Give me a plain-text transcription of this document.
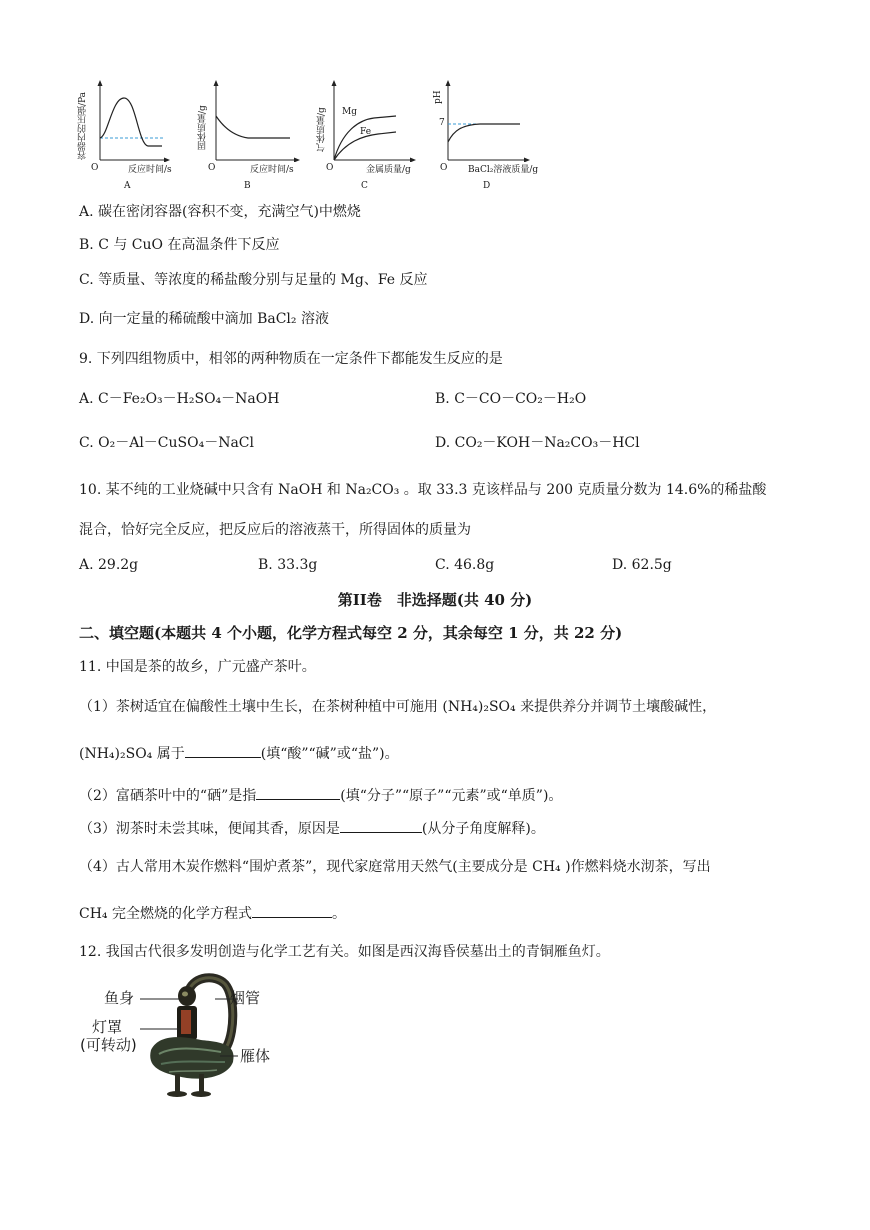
容器内的压强/Pa
O	反应时间/s
A
固体质量/g
O	反应时间/s
B
气体质量/g Mg
Fe
O	金属质量/g
C
pH
7
O BaCl₂溶液质量/g
D
A. 碳在密闭容器(容积不变，充满空气)中燃烧
B. C 与 CuO 在高温条件下反应
C. 等质量、等浓度的稀盐酸分别与足量的 Mg、Fe 反应
D. 向一定量的稀硫酸中滴加 BaCl₂ 溶液
9. 下列四组物质中，相邻的两种物质在一定条件下都能发生反应的是
A. C－Fe₂O₃－H₂SO₄－NaOH	B. C－CO－CO₂－H₂O
C. O₂－Al－CuSO₄－NaCl	D. CO₂－KOH－Na₂CO₃－HCl
10. 某不纯的工业烧碱中只含有 NaOH 和 Na₂CO₃ 。取 33.3 克该样品与 200 克质量分数为 14.6%的稀盐酸
混合，恰好完全反应，把反应后的溶液蒸干，所得固体的质量为
A. 29.2g	B. 33.3g	C. 46.8g	D. 62.5g
第II卷　非选择题(共 40 分)
二、填空题(本题共 4 个小题，化学方程式每空 2 分，其余每空 1 分，共 22 分)
11. 中国是茶的故乡，广元盛产茶叶。
（1）茶树适宜在偏酸性土壤中生长，在茶树种植中可施用 (NH₄)₂SO₄ 来提供养分并调节土壤酸碱性，
(NH₄)₂SO₄ 属于	(填“酸”“碱”或“盐”)。
（2）富硒茶叶中的“硒”是指	(填“分子”“原子”“元素”或“单质”)。
（3）沏茶时未尝其味，便闻其香，原因是	(从分子角度解释)。
（4）古人常用木炭作燃料“围炉煮茶”，现代家庭常用天然气(主要成分是 CH₄ )作燃料烧水沏茶，写出
CH₄ 完全燃烧的化学方程式	。
12. 我国古代很多发明创造与化学工艺有关。如图是西汉海昏侯墓出土的青铜雁鱼灯。
鱼身	烟管
灯罩
(可转动)
雁体
